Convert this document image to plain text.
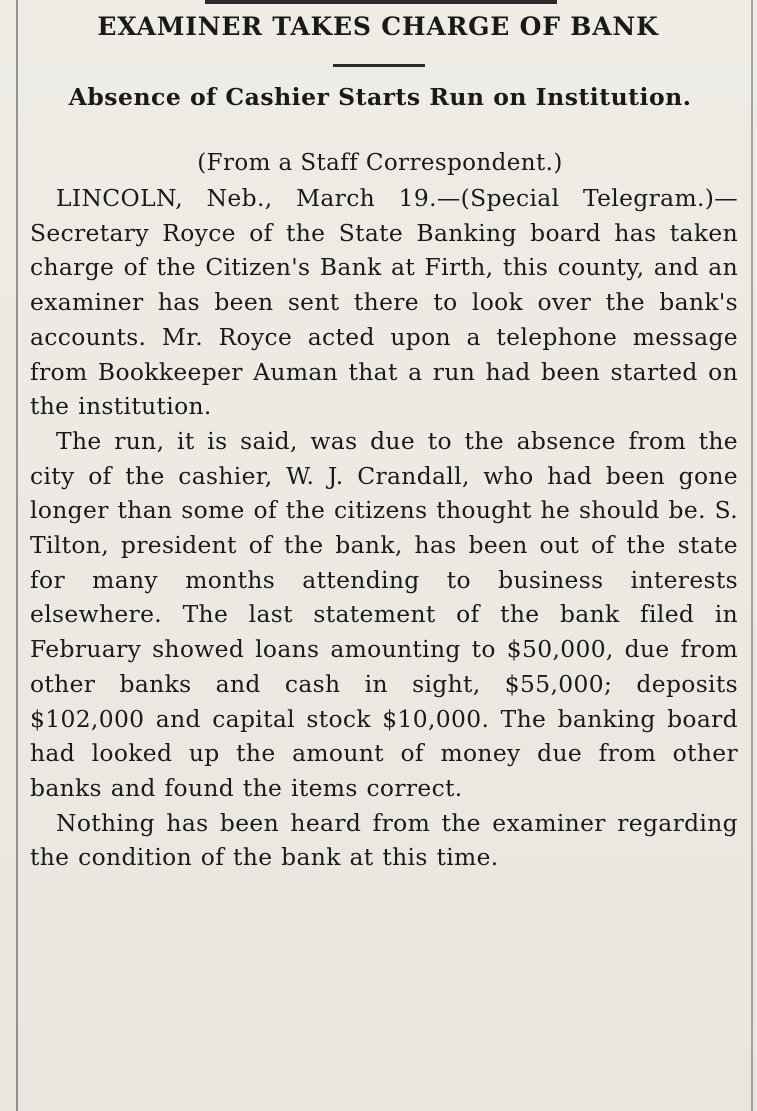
EXAMINER TAKES CHARGE OF BANK
Absence of Cashier Starts Run on Institution.
(From a Staff Correspondent.)

LINCOLN, Neb., March 19.—(Special Telegram.)—Secretary Royce of the State Banking board has taken charge of the Citizen's Bank at Firth, this county, and an examiner has been sent there to look over the bank's accounts. Mr. Royce acted upon a telephone message from Bookkeeper Auman that a run had been started on the institution.

The run, it is said, was due to the absence from the city of the cashier, W. J. Crandall, who had been gone longer than some of the citizens thought he should be. S. Tilton, president of the bank, has been out of the state for many months attending to business interests elsewhere. The last statement of the bank filed in February showed loans amounting to $50,000, due from other banks and cash in sight, $55,000; deposits $102,000 and capital stock $10,000. The banking board had looked up the amount of money due from other banks and found the items correct.

Nothing has been heard from the examiner regarding the condition of the bank at this time.
